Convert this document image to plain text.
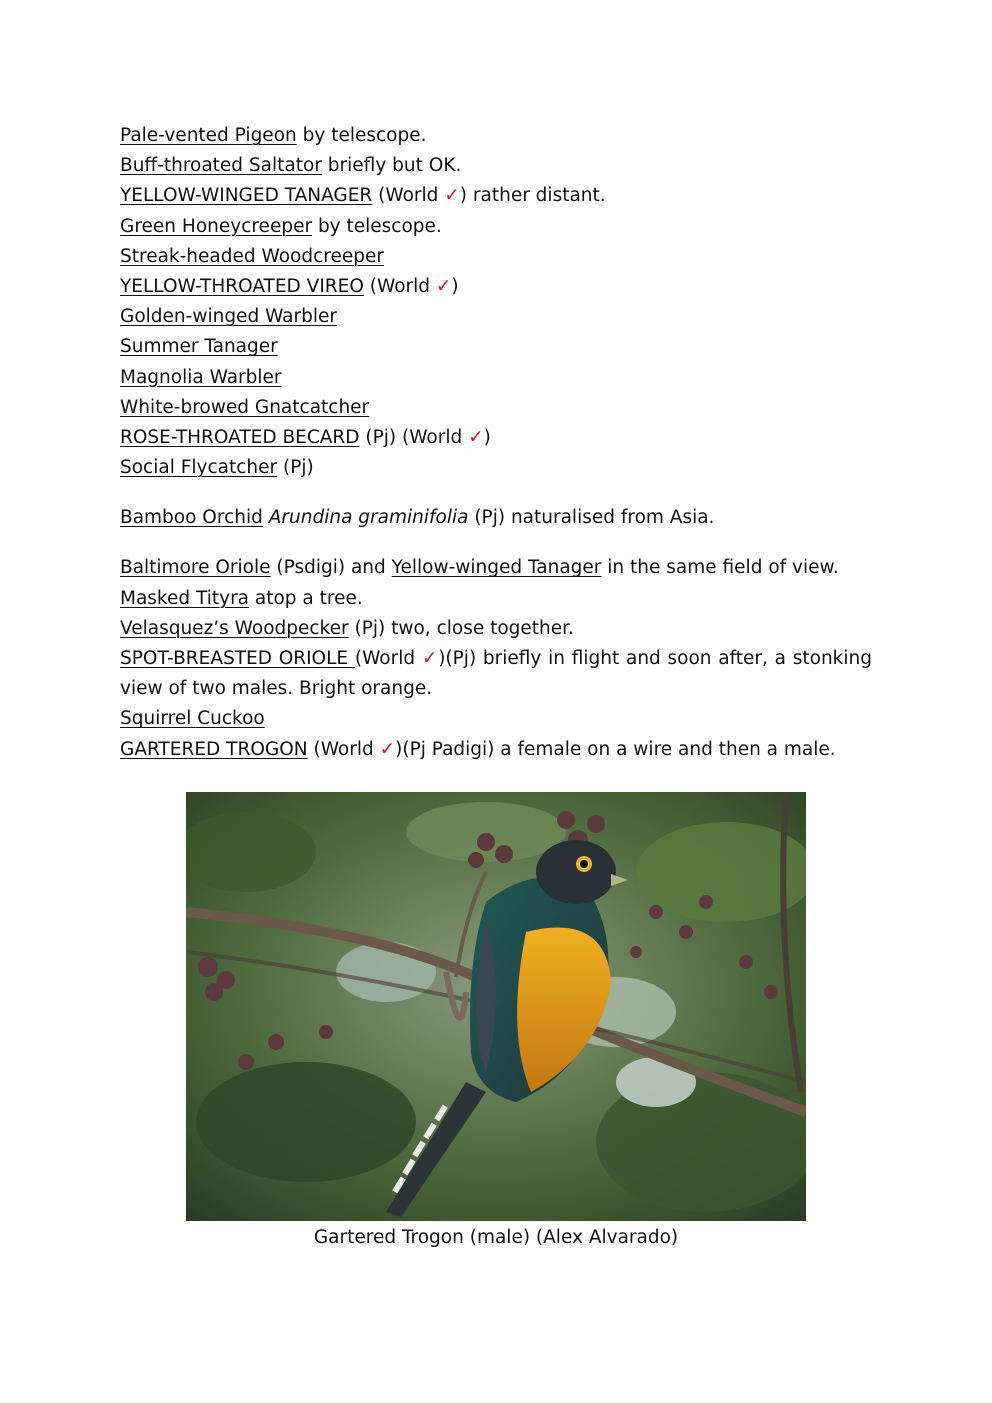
Pale-vented Pigeon by telescope.
Buff-throated Saltator briefly but OK.
YELLOW-WINGED TANAGER (World ✓) rather distant.
Green Honeycreeper by telescope.
Streak-headed Woodcreeper
YELLOW-THROATED VIREO (World ✓)
Golden-winged Warbler
Summer Tanager
Magnolia Warbler
White-browed Gnatcatcher
ROSE-THROATED BECARD (Pj) (World ✓)
Social Flycatcher (Pj)
Bamboo Orchid Arundina graminifolia (Pj) naturalised from Asia.
Baltimore Oriole (Psdigi) and Yellow-winged Tanager in the same field of view.
Masked Tityra atop a tree.
Velasquez’s Woodpecker (Pj) two, close together.
SPOT-BREASTED ORIOLE (World ✓)(Pj) briefly in flight and soon after, a stonking view of two males. Bright orange.
Squirrel Cuckoo
GARTERED TROGON (World ✓)(Pj Padigi) a female on a wire and then a male.
Gartered Trogon (male) (Alex Alvarado)
